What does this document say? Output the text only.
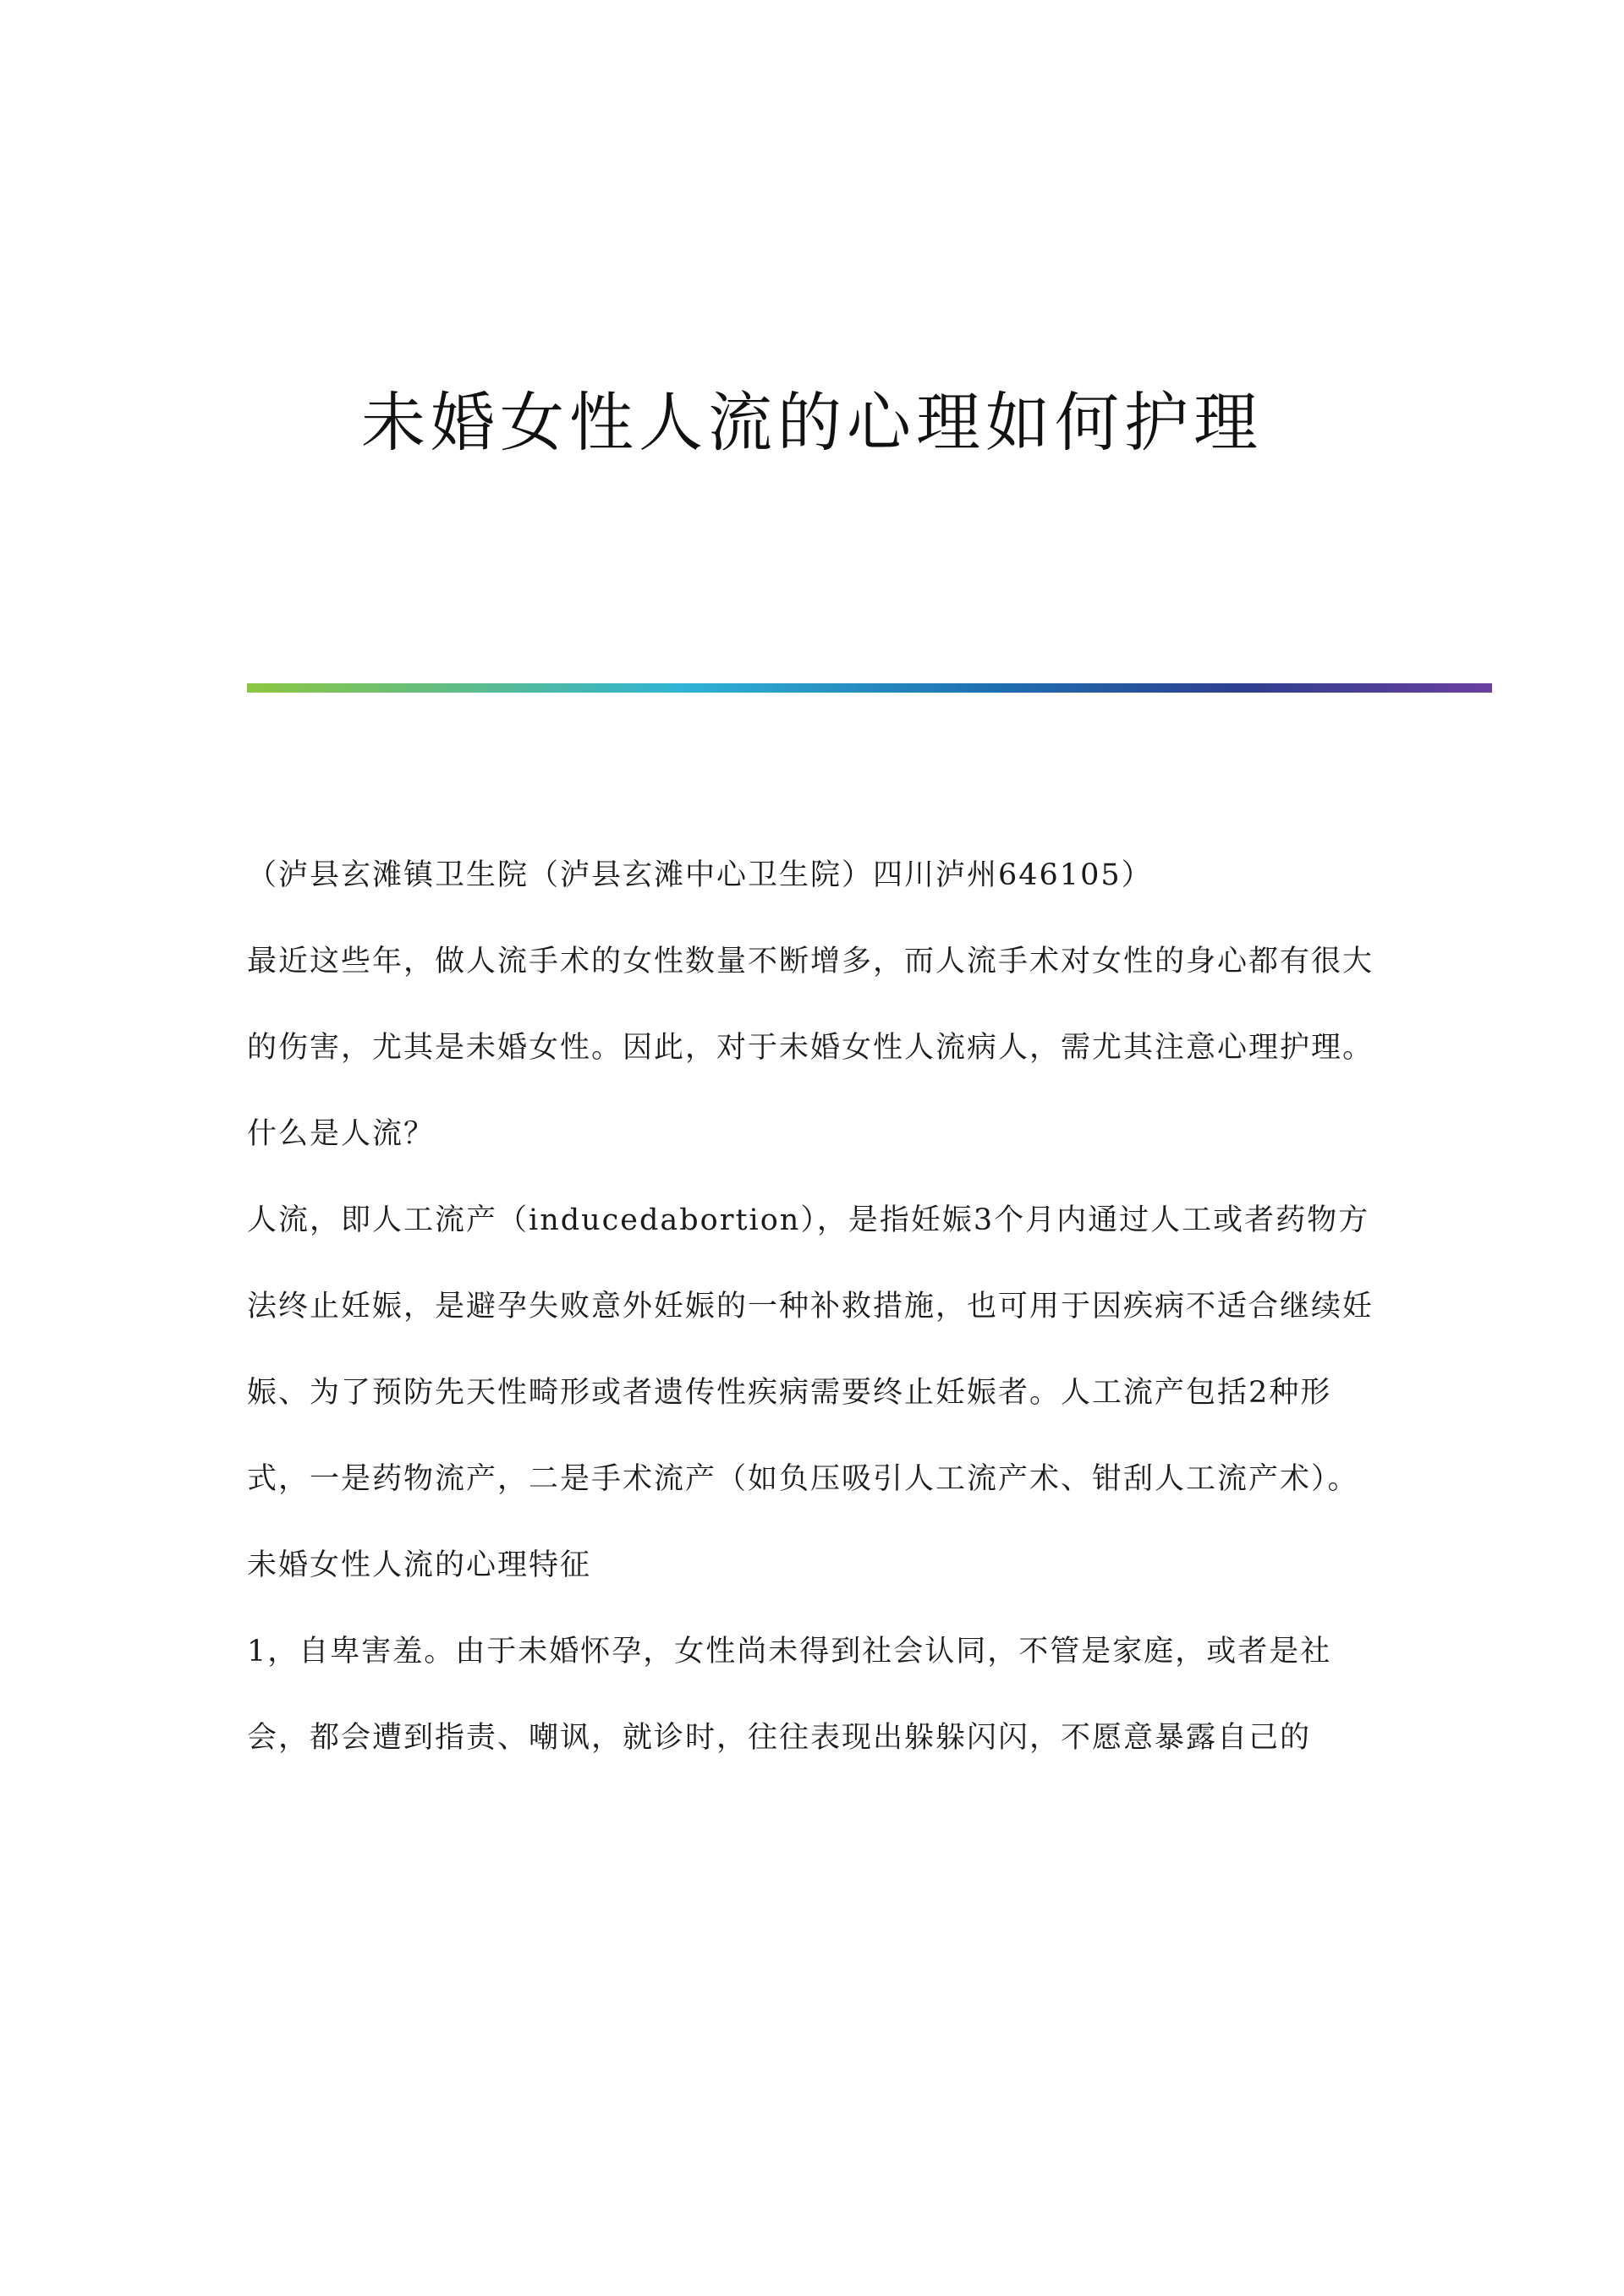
未婚女性人流的心理如何护理

（泸县玄滩镇卫生院（泸县玄滩中心卫生院）四川泸州646105）

最近这些年，做人流手术的女性数量不断增多，而人流手术对女性的身心都有很大的伤害，尤其是未婚女性。因此，对于未婚女性人流病人，需尤其注意心理护理。

什么是人流？

人流，即人工流产（inducedabortion），是指妊娠3个月内通过人工或者药物方法终止妊娠，是避孕失败意外妊娠的一种补救措施，也可用于因疾病不适合继续妊娠、为了预防先天性畸形或者遗传性疾病需要终止妊娠者。人工流产包括2种形式，一是药物流产，二是手术流产（如负压吸引人工流产术、钳刮人工流产术）。

未婚女性人流的心理特征

1，自卑害羞。由于未婚怀孕，女性尚未得到社会认同，不管是家庭，或者是社会，都会遭到指责、嘲讽，就诊时，往往表现出躲躲闪闪，不愿意暴露自己的
